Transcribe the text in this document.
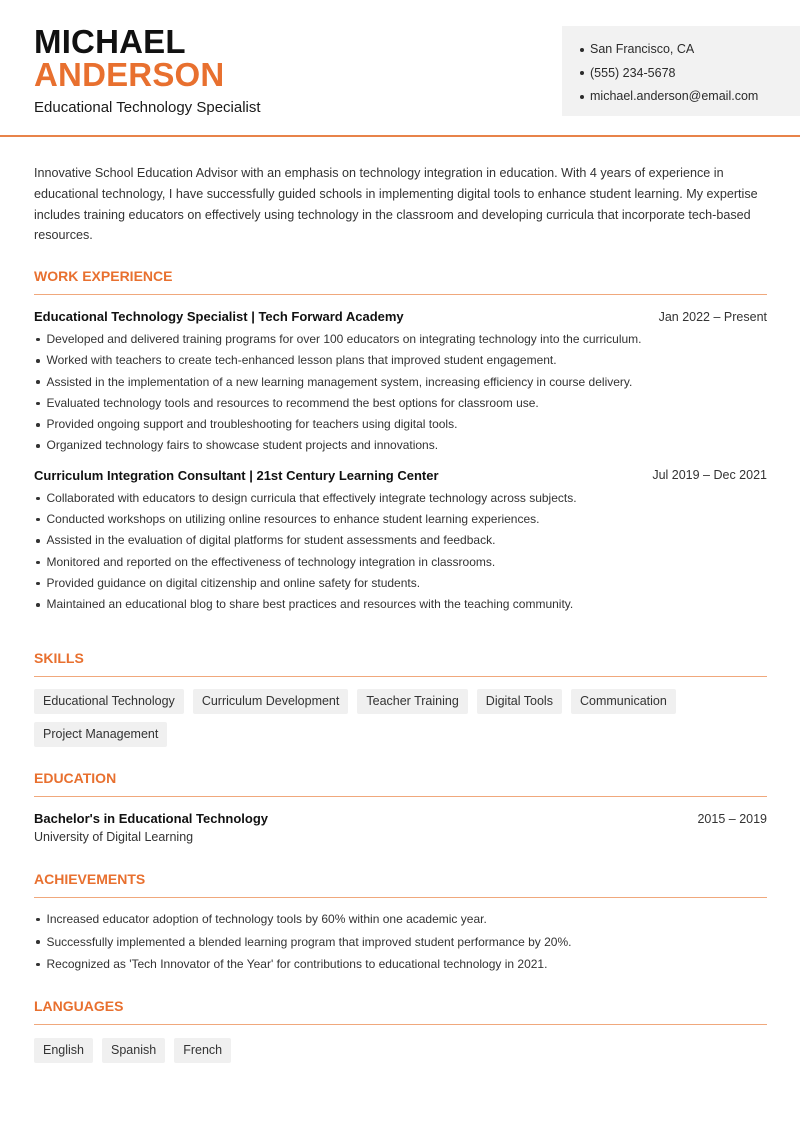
MICHAEL
ANDERSON
Educational Technology Specialist
San Francisco, CA
(555) 234-5678
michael.anderson@email.com
Innovative School Education Advisor with an emphasis on technology integration in education. With 4 years of experience in educational technology, I have successfully guided schools in implementing digital tools to enhance student learning. My expertise includes training educators on effectively using technology in the classroom and developing curricula that incorporate tech-based resources.
WORK EXPERIENCE
Educational Technology Specialist | Tech Forward Academy	Jan 2022 – Present
Developed and delivered training programs for over 100 educators on integrating technology into the curriculum.
Worked with teachers to create tech-enhanced lesson plans that improved student engagement.
Assisted in the implementation of a new learning management system, increasing efficiency in course delivery.
Evaluated technology tools and resources to recommend the best options for classroom use.
Provided ongoing support and troubleshooting for teachers using digital tools.
Organized technology fairs to showcase student projects and innovations.
Curriculum Integration Consultant | 21st Century Learning Center	Jul 2019 – Dec 2021
Collaborated with educators to design curricula that effectively integrate technology across subjects.
Conducted workshops on utilizing online resources to enhance student learning experiences.
Assisted in the evaluation of digital platforms for student assessments and feedback.
Monitored and reported on the effectiveness of technology integration in classrooms.
Provided guidance on digital citizenship and online safety for students.
Maintained an educational blog to share best practices and resources with the teaching community.
SKILLS
Educational Technology	Curriculum Development	Teacher Training	Digital Tools	Communication
Project Management
EDUCATION
Bachelor's in Educational Technology	2015 – 2019
University of Digital Learning
ACHIEVEMENTS
Increased educator adoption of technology tools by 60% within one academic year.
Successfully implemented a blended learning program that improved student performance by 20%.
Recognized as 'Tech Innovator of the Year' for contributions to educational technology in 2021.
LANGUAGES
English	Spanish	French
